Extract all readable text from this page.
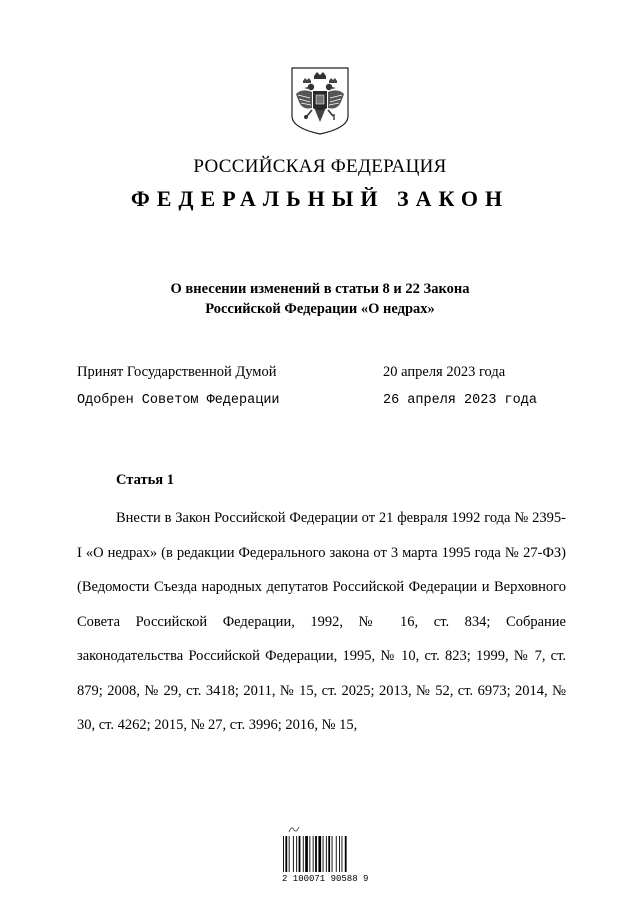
РОССИЙСКАЯ ФЕДЕРАЦИЯ
ФЕДЕРАЛЬНЫЙ ЗАКОН
О внесении изменений в статьи 8 и 22 Закона
Российской Федерации «О недрах»
Принят Государственной Думой	20 апреля 2023 года
Одобрен Советом Федерации	26 апреля 2023 года
Статья 1

Внести в Закон Российской Федерации от 21 февраля 1992 года № 2395-I «О недрах» (в редакции Федерального закона от 3 марта 1995 года № 27-ФЗ) (Ведомости Съезда народных депутатов Российской Федерации и Верховного Совета Российской Федерации, 1992, № 16, ст. 834; Собрание законодательства Российской Федерации, 1995, № 10, ст. 823; 1999, № 7, ст. 879; 2008, № 29, ст. 3418; 2011, № 15, ст. 2025; 2013, № 52, ст. 6973; 2014, № 30, ст. 4262; 2015, № 27, ст. 3996; 2016, № 15,

2 100071 90588 9
